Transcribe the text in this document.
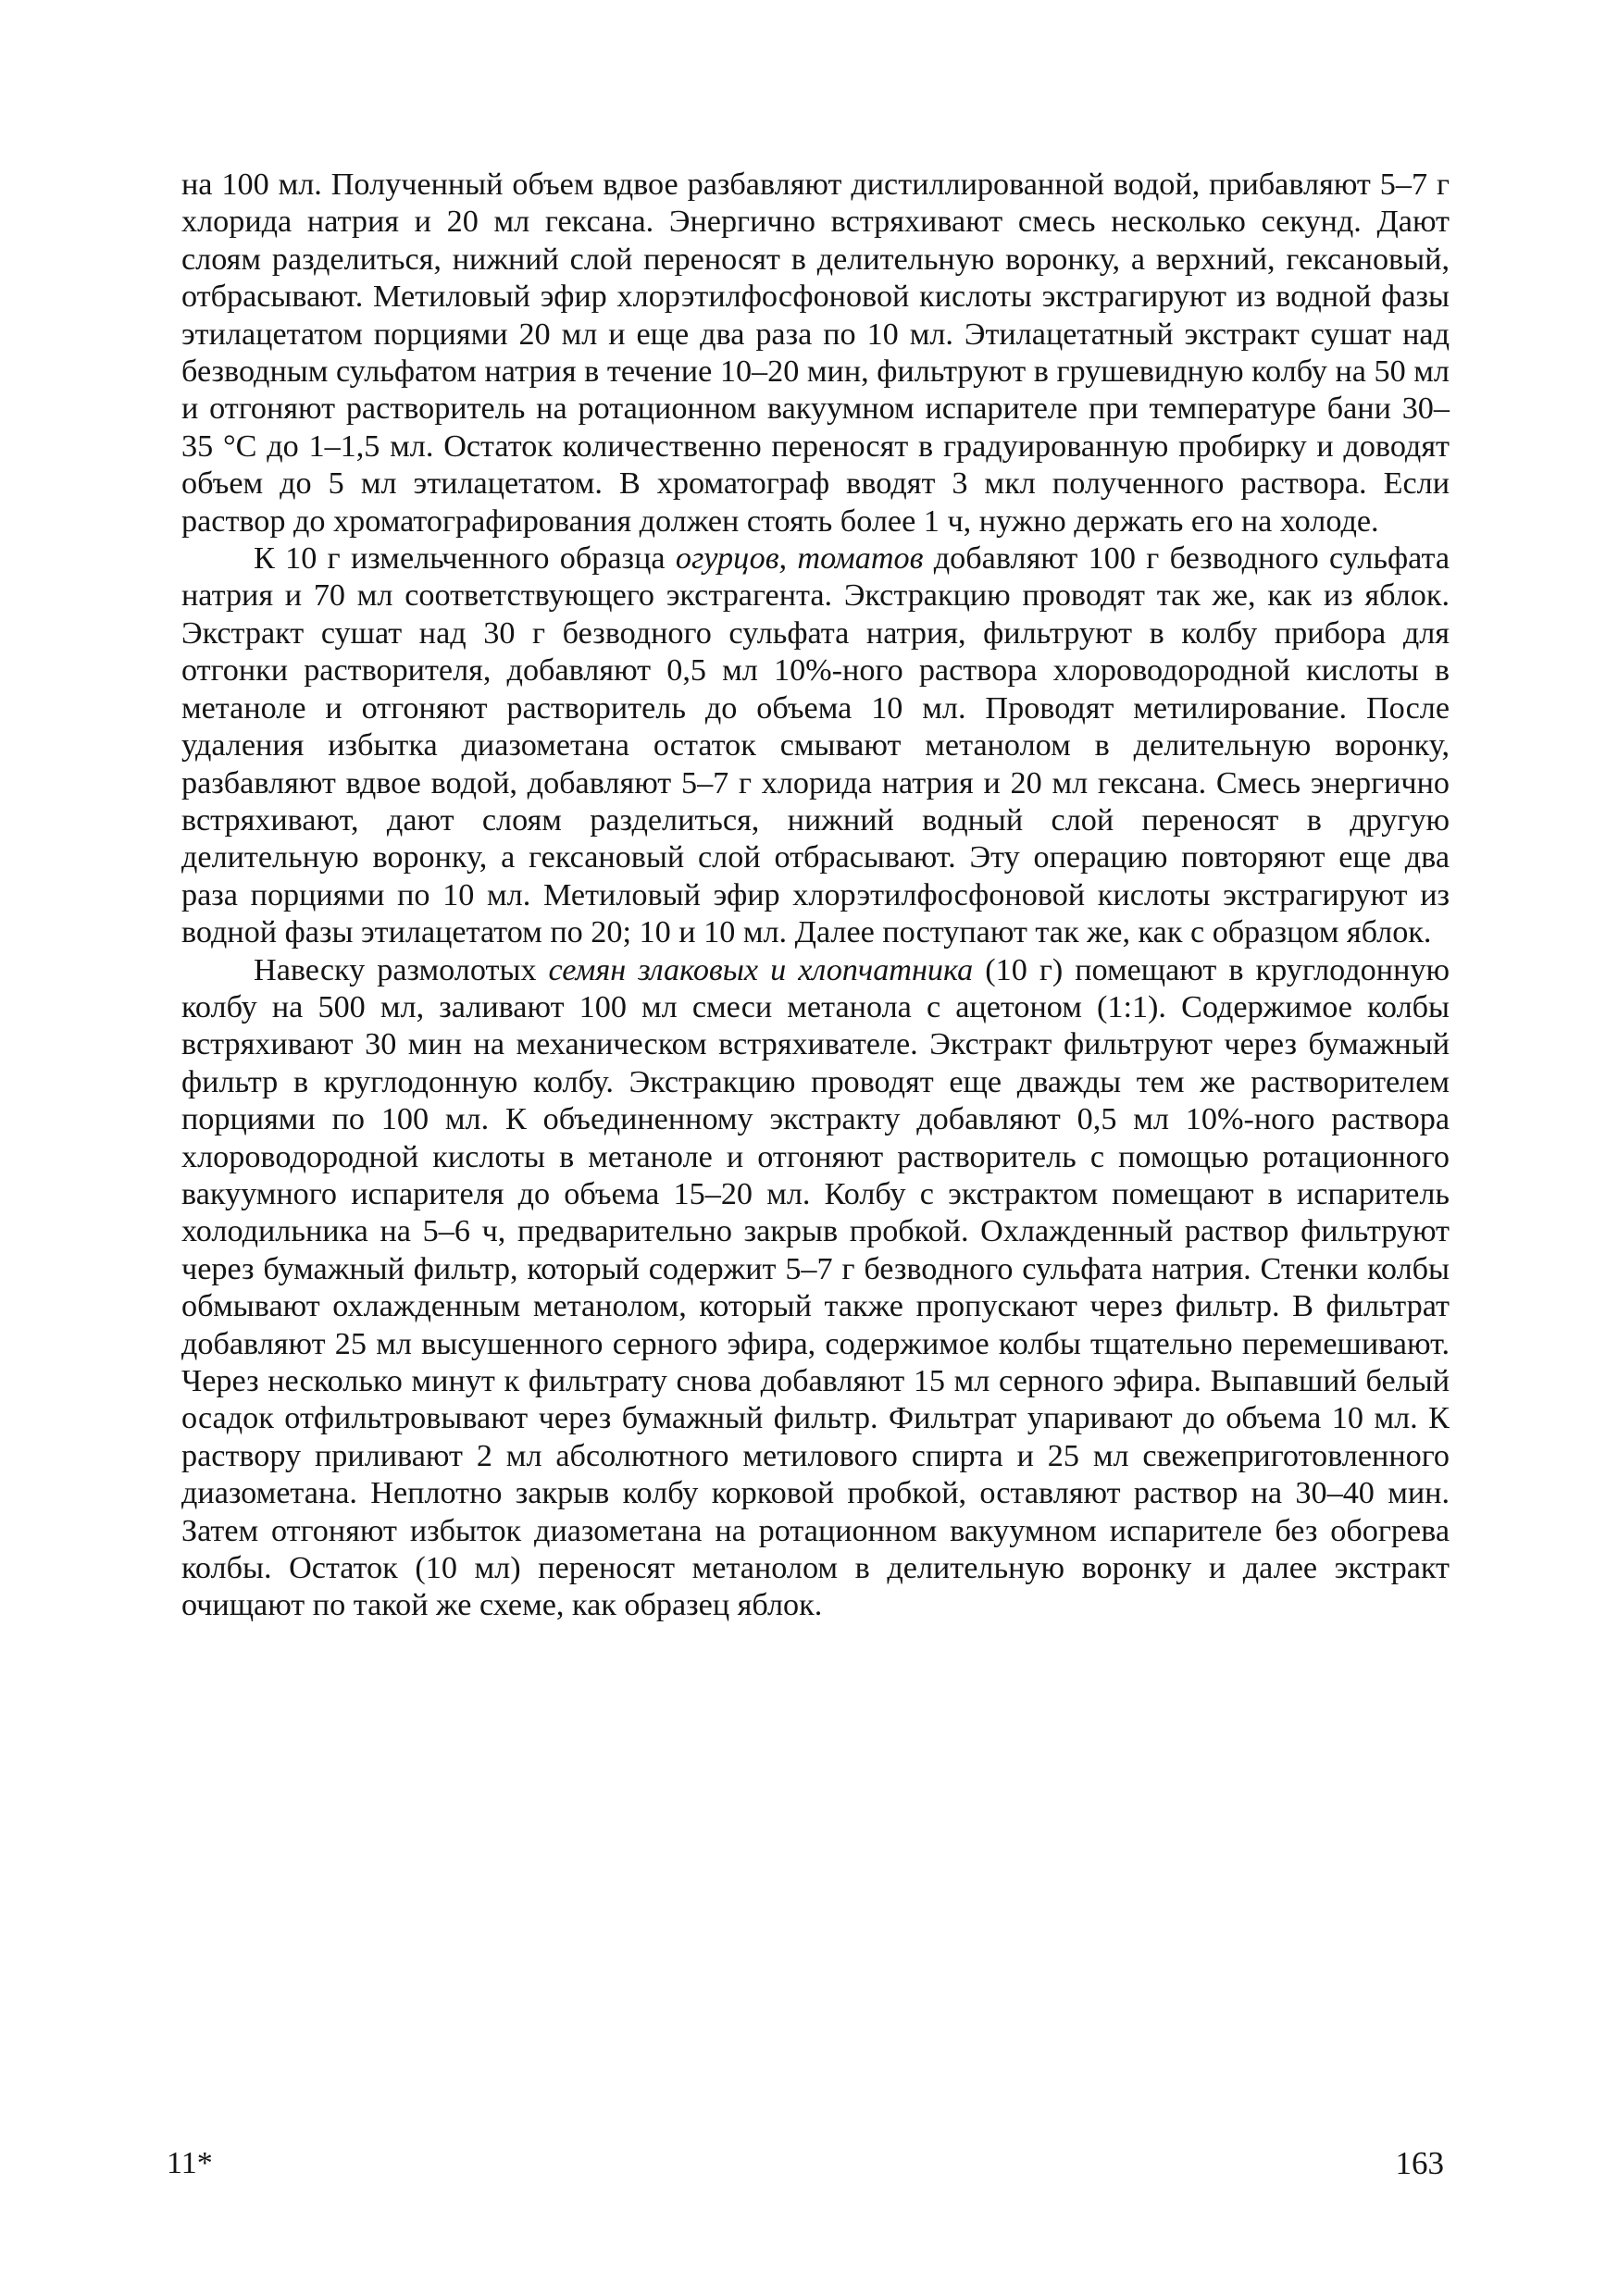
на 100 мл. Полученный объем вдвое разбавляют дистиллированной водой, прибавляют 5–7 г хлорида натрия и 20 мл гексана. Энергично встряхивают смесь несколько секунд. Дают слоям разделиться, нижний слой переносят в делительную воронку, а верхний, гексановый, отбрасывают. Метиловый эфир хлорэтилфосфоновой кислоты экстрагируют из водной фазы этилацетатом порциями 20 мл и еще два раза по 10 мл. Этилацетатный экстракт сушат над безводным сульфатом натрия в течение 10–20 мин, фильтруют в грушевидную колбу на 50 мл и отгоняют растворитель на ротационном вакуумном испарителе при температуре бани 30–35 °С до 1–1,5 мл. Остаток количественно переносят в градуированную пробирку и доводят объем до 5 мл этилацетатом. В хроматограф вводят 3 мкл полученного раствора. Если раствор до хроматографирования должен стоять более 1 ч, нужно держать его на холоде.

К 10 г измельченного образца огурцов, томатов добавляют 100 г безводного сульфата натрия и 70 мл соответствующего экстрагента. Экстракцию проводят так же, как из яблок. Экстракт сушат над 30 г безводного сульфата натрия, фильтруют в колбу прибора для отгонки растворителя, добавляют 0,5 мл 10%-ного раствора хлороводородной кислоты в метаноле и отгоняют растворитель до объема 10 мл. Проводят метилирование. После удаления избытка диазометана остаток смывают метанолом в делительную воронку, разбавляют вдвое водой, добавляют 5–7 г хлорида натрия и 20 мл гексана. Смесь энергично встряхивают, дают слоям разделиться, нижний водный слой переносят в другую делительную воронку, а гексановый слой отбрасывают. Эту операцию повторяют еще два раза порциями по 10 мл. Метиловый эфир хлорэтилфосфоновой кислоты экстрагируют из водной фазы этилацетатом по 20; 10 и 10 мл. Далее поступают так же, как с образцом яблок.

Навеску размолотых семян злаковых и хлопчатника (10 г) помещают в круглодонную колбу на 500 мл, заливают 100 мл смеси метанола с ацетоном (1:1). Содержимое колбы встряхивают 30 мин на механическом встряхивателе. Экстракт фильтруют через бумажный фильтр в круглодонную колбу. Экстракцию проводят еще дважды тем же растворителем порциями по 100 мл. К объединенному экстракту добавляют 0,5 мл 10%-ного раствора хлороводородной кислоты в метаноле и отгоняют растворитель с помощью ротационного вакуумного испарителя до объема 15–20 мл. Колбу с экстрактом помещают в испаритель холодильника на 5–6 ч, предварительно закрыв пробкой. Охлажденный раствор фильтруют через бумажный фильтр, который содержит 5–7 г безводного сульфата натрия. Стенки колбы обмывают охлажденным метанолом, который также пропускают через фильтр. В фильтрат добавляют 25 мл высушенного серного эфира, содержимое колбы тщательно перемешивают. Через несколько минут к фильтрату снова добавляют 15 мл серного эфира. Выпавший белый осадок отфильтровывают через бумажный фильтр. Фильтрат упаривают до объема 10 мл. К раствору приливают 2 мл абсолютного метилового спирта и 25 мл свежеприготовленного диазометана. Неплотно закрыв колбу корковой пробкой, оставляют раствор на 30–40 мин. Затем отгоняют избыток диазометана на ротационном вакуумном испарителе без обогрева колбы. Остаток (10 мл) переносят метанолом в делительную воронку и далее экстракт очищают по такой же схеме, как образец яблок.

11*	163
